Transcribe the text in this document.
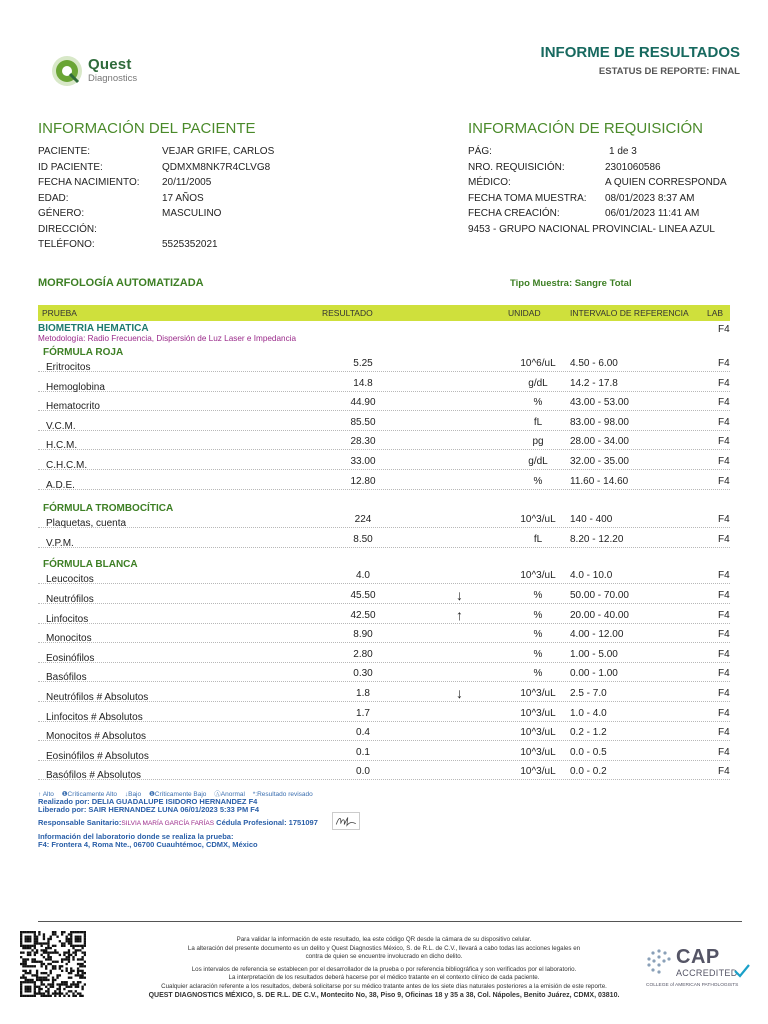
Quest
Diagnostics
INFORME DE RESULTADOS
ESTATUS DE REPORTE: FINAL
INFORMACIÓN DEL PACIENTE
PACIENTE:	VEJAR GRIFE, CARLOS
ID PACIENTE:	QDMXM8NK7R4CLVG8
FECHA NACIMIENTO: 20/11/2005
EDAD:	17 AÑOS
GÉNERO:	MASCULINO
DIRECCIÓN:
TELÉFONO:	5525352021
INFORMACIÓN DE REQUISICIÓN
PÁG:	1 de 3
NRO. REQUISICIÓN:	2301060586
MÉDICO:	A QUIEN CORRESPONDA
FECHA TOMA MUESTRA: 08/01/2023 8:37 AM
FECHA CREACIÓN:	06/01/2023 11:41 AM
9453 - GRUPO NACIONAL PROVINCIAL- LINEA AZUL
MORFOLOGÍA AUTOMATIZADA	Tipo Muestra: Sangre Total
PRUEBA	RESULTADO	UNIDAD	INTERVALO DE REFERENCIA LAB
BIOMETRIA HEMATICA	F4
Metodología: Radio Frecuencia, Dispersión de Luz Laser e Impedancia
FÓRMULA ROJA
Eritrocitos	5.25	10^6/uL	4.50 - 6.00	F4
Hemoglobina	14.8	g/dL	14.2 - 17.8	F4
Hematocrito	44.90	%	43.00 - 53.00	F4
V.C.M.	85.50	fL	83.00 - 98.00	F4
H.C.M.	28.30	pg	28.00 - 34.00	F4
C.H.C.M.	33.00	g/dL	32.00 - 35.00	F4
A.D.E.	12.80	%	11.60 - 14.60	F4
FÓRMULA TROMBOCÍTICA
Plaquetas, cuenta	224	10^3/uL	140 - 400	F4
V.P.M.	8.50	fL	8.20 - 12.20	F4
FÓRMULA BLANCA
Leucocitos	4.0	10^3/uL	4.0 - 10.0	F4
Neutrófilos	45.50	↓	%	50.00 - 70.00	F4
Linfocitos	42.50	↑	%	20.00 - 40.00	F4
Monocitos	8.90	%	4.00 - 12.00	F4
Eosinófilos	2.80	%	1.00 - 5.00	F4
Basófilos	0.30	%	0.00 - 1.00	F4
Neutrófilos # Absolutos	1.8	↓	10^3/uL	2.5 - 7.0	F4
Linfocitos # Absolutos	1.7	10^3/uL	1.0 - 4.0	F4
Monocitos # Absolutos	0.4	10^3/uL	0.2 - 1.2	F4
Eosinófilos # Absolutos	0.1	10^3/uL	0.0 - 0.5	F4
Basófilos # Absolutos	0.0	10^3/uL	0.0 - 0.2	F4
↑ Alto ❶Críticamente Alto ↓Bajo ❶Críticamente Bajo ⒶAnormal *:Resultado revisado
Realizado por: DELIA GUADALUPE ISIDORO HERNANDEZ F4
Liberado por: SAIR HERNANDEZ LUNA 06/01/2023 5:33 PM F4
Responsable Sanitario:SILVIA MARÍA GARCÍA FARÍAS Cédula Profesional: 1751097
Información del laboratorio donde se realiza la prueba:
F4: Frontera 4, Roma Nte., 06700 Cuauhtémoc, CDMX, México
Para validar la información de este resultado, lea este código QR desde la cámara de su dispositivo celular.
La alteración del presente documento es un delito y Quest Diagnostics México, S. de R.L. de C.V., llevará a cabo todas las acciones legales en
contra de quien se encuentre involucrado en dicho delito.
Los intervalos de referencia se establecen por el desarrollador de la prueba o por referencia bibliográfica y son verificados por el laboratorio.
La interpretación de los resultados deberá hacerse por el médico tratante en el contexto clínico de cada paciente.
Cualquier aclaración referente a los resultados, deberá solicitarse por su médico tratante antes de los siete días naturales posteriores a la emisión de este reporte.
QUEST DIAGNOSTICS MÉXICO, S. DE R.L. DE C.V., Montecito No, 38, Piso 9, Oficinas 18 y 35 a 38, Col. Nápoles, Benito Juárez, CDMX, 03810.
CAP
ACCREDITED
COLLEGE of AMERICAN PATHOLOGISTS
